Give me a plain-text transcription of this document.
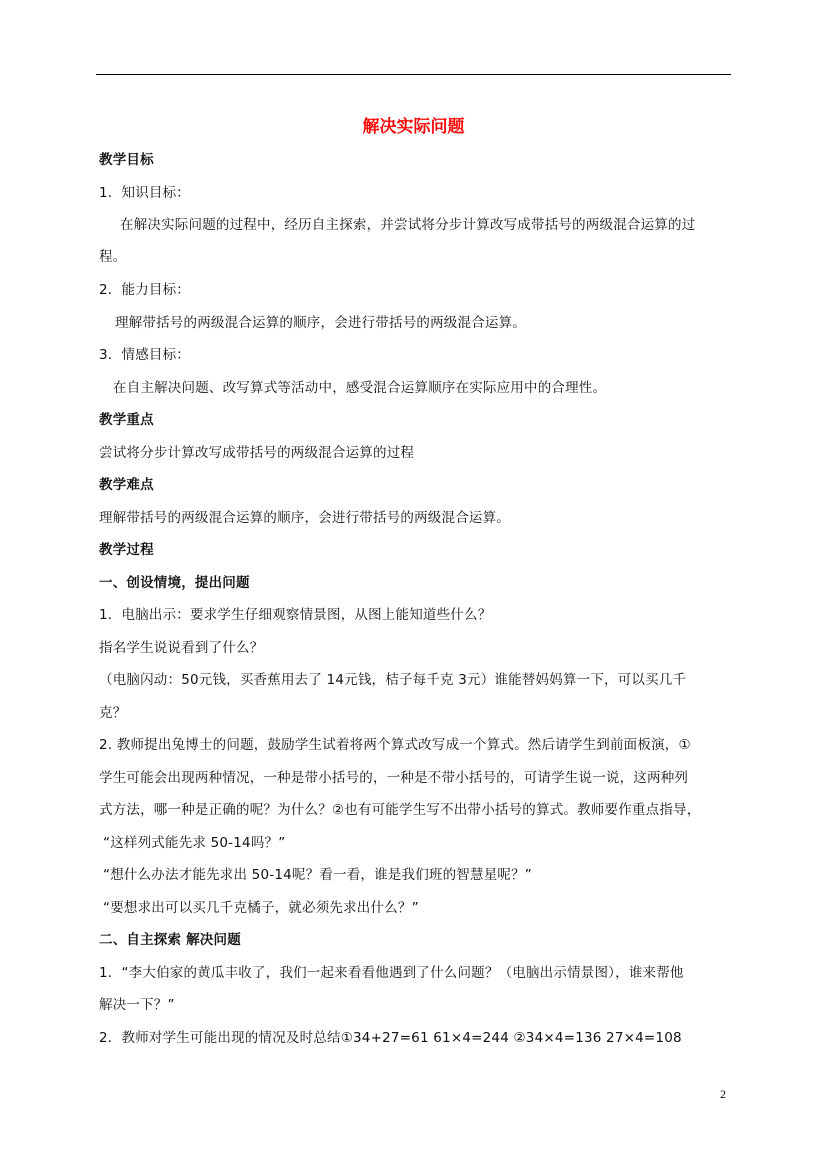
解决实际问题
教学目标
1．知识目标：
在解决实际问题的过程中，经历自主探索，并尝试将分步计算改写成带括号的两级混合运算的过
程。
2．能力目标：
理解带括号的两级混合运算的顺序，会进行带括号的两级混合运算。
3．情感目标：
在自主解决问题、改写算式等活动中，感受混合运算顺序在实际应用中的合理性。
教学重点
尝试将分步计算改写成带括号的两级混合运算的过程
教学难点
理解带括号的两级混合运算的顺序，会进行带括号的两级混合运算。
教学过程
一、创设情境，提出问题
1．电脑出示：要求学生仔细观察情景图，从图上能知道些什么？
指名学生说说看到了什么？
（电脑闪动：50元钱，买香蕉用去了 14元钱，桔子每千克 3元）谁能替妈妈算一下，可以买几千
克？
2. 教师提出兔博士的问题，鼓励学生试着将两个算式改写成一个算式。然后请学生到前面板演，①
学生可能会出现两种情况，一种是带小括号的，一种是不带小括号的，可请学生说一说，这两种列
式方法，哪一种是正确的呢？为什么？②也有可能学生写不出带小括号的算式。教师要作重点指导，
“这样列式能先求 50-14吗？”
“想什么办法才能先求出 50-14呢？看一看，谁是我们班的智慧星呢？”
“要想求出可以买几千克橘子，就必须先求出什么？”
二、自主探索 解决问题
1．“李大伯家的黄瓜丰收了，我们一起来看看他遇到了什么问题？（电脑出示情景图），谁来帮他
解决一下？”
2．教师对学生可能出现的情况及时总结①34+27=61 61×4=244 ②34×4=136 27×4=108
2
